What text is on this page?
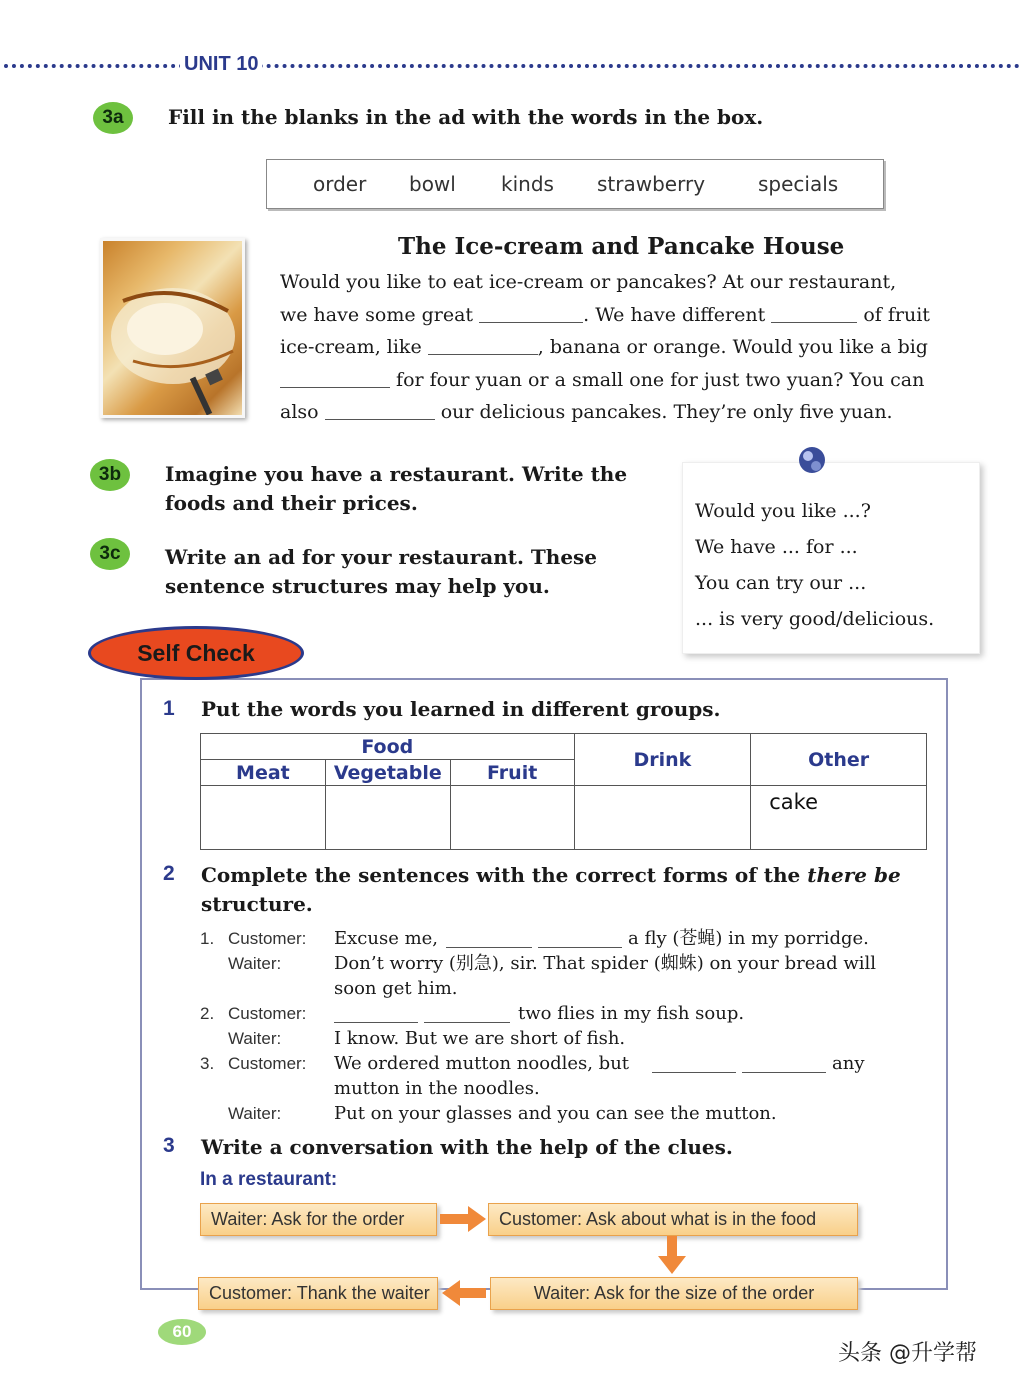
UNIT 10
3a	Fill in the blanks in the ad with the words in the box.
order bowl kinds strawberry	specials
The Ice-cream and Pancake House
Would you like to eat ice-cream or pancakes? At our restaurant,
we have some great	. We have different	of fruit
ice-cream, like	, banana or orange. Would you like a big
for four yuan or a small one for just two yuan? You can
also	our delicious pancakes. They’re only five yuan.
3b	Imagine you have a restaurant. Write the
foods and their prices.
3c	Write an ad for your restaurant. These
sentence structures may help you.
Would you like ...?
We have ... for ...
You can try our ...
... is very good/delicious.
Self Check
1 Put the words you learned in different groups.
Food			Drink	Other
Meat	Vegetable	Fruit		
				cake
2 Complete the sentences with the correct forms of the there be
structure.
1. Customer: Excuse me,	a fly (苍蝇) in my porridge.
Waiter:	Don’t worry (别急), sir. That spider (蜘蛛) on your bread will
soon get him.
2. Customer:	two flies in my fish soup.
Waiter:	I know. But we are short of fish.
3. Customer: We ordered mutton noodles, but	any
mutton in the noodles.
Waiter:	Put on your glasses and you can see the mutton.
3 Write a conversation with the help of the clues.
In a restaurant:
Waiter: Ask for the order	Customer: Ask about what is in the food
Waiter: Ask for the size of the order
Customer: Thank the waiter
60
头条 @升学帮
